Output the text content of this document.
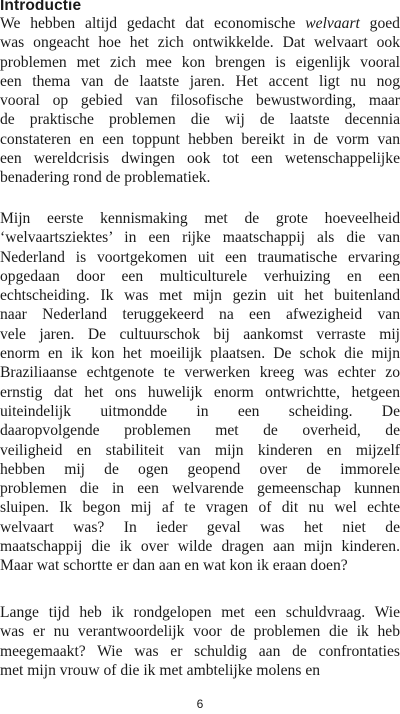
Introductie
We hebben altijd gedacht dat economische welvaart goed
was ongeacht hoe het zich ontwikkelde. Dat welvaart ook
problemen met zich mee kon brengen is eigenlijk vooral
een thema van de laatste jaren. Het accent ligt nu nog
vooral op gebied van filosofische bewustwording, maar
de praktische problemen die wij de laatste decennia
constateren en een toppunt hebben bereikt in de vorm van
een wereldcrisis dwingen ook tot een wetenschappelijke
benadering rond de problematiek.
Mijn eerste kennismaking met de grote hoeveelheid
‘welvaartsziektes’ in een rijke maatschappij als die van
Nederland is voortgekomen uit een traumatische ervaring
opgedaan door een multiculturele verhuizing en een
echtscheiding. Ik was met mijn gezin uit het buitenland
naar Nederland teruggekeerd na een afwezigheid van
vele jaren. De cultuurschok bij aankomst verraste mij
enorm en ik kon het moeilijk plaatsen. De schok die mijn
Braziliaanse echtgenote te verwerken kreeg was echter zo
ernstig dat het ons huwelijk enorm ontwrichtte, hetgeen
uiteindelijk uitmondde in een scheiding. De
daaropvolgende problemen met de overheid, de
veiligheid en stabiliteit van mijn kinderen en mijzelf
hebben mij de ogen geopend over de immorele
problemen die in een welvarende gemeenschap kunnen
sluipen. Ik begon mij af te vragen of dit nu wel echte
welvaart was? In ieder geval was het niet de
maatschappij die ik over wilde dragen aan mijn kinderen.
Maar wat schortte er dan aan en wat kon ik eraan doen?
Lange tijd heb ik rondgelopen met een schuldvraag. Wie
was er nu verantwoordelijk voor de problemen die ik heb
meegemaakt? Wie was er schuldig aan de confrontaties
met mijn vrouw of die ik met ambtelijke molens en
6
